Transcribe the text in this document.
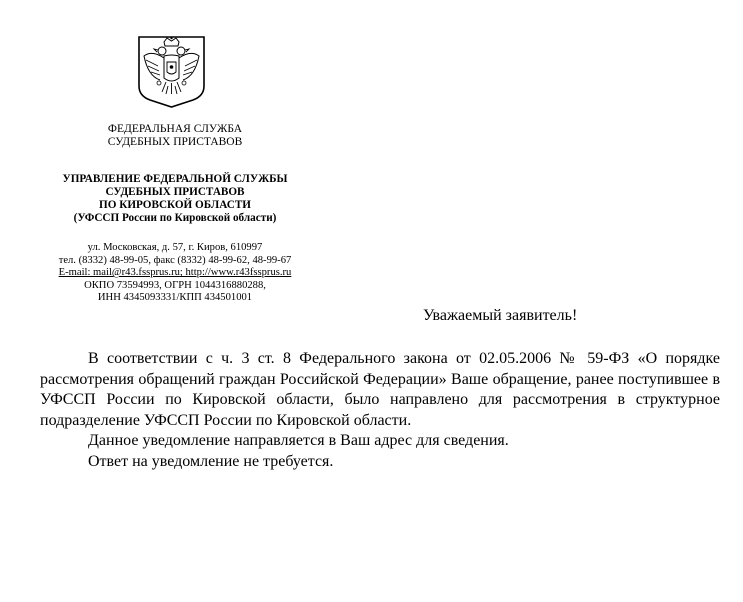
ФЕДЕРАЛЬНАЯ СЛУЖБА
СУДЕБНЫХ ПРИСТАВОВ
УПРАВЛЕНИЕ ФЕДЕРАЛЬНОЙ СЛУЖБЫ
СУДЕБНЫХ ПРИСТАВОВ
ПО КИРОВСКОЙ ОБЛАСТИ
(УФССП России по Кировской области)
ул. Московская, д. 57, г. Киров, 610997
тел. (8332) 48-99-05, факс (8332) 48-99-62, 48-99-67
E-mail: mail@r43.fssprus.ru; http://www.r43fssprus.ru
ОКПО 73594993, ОГРН 1044316880288,
ИНН 4345093331/КПП 434501001
Уважаемый заявитель!

В соответствии с ч. 3 ст. 8 Федерального закона от 02.05.2006 № 59-ФЗ «О порядке рассмотрения обращений граждан Российской Федерации» Ваше обращение, ранее поступившее в УФССП России по Кировской области, было направлено для рассмотрения в структурное подразделение УФССП России по Кировской области.

Данное уведомление направляется в Ваш адрес для сведения.

Ответ на уведомление не требуется.
